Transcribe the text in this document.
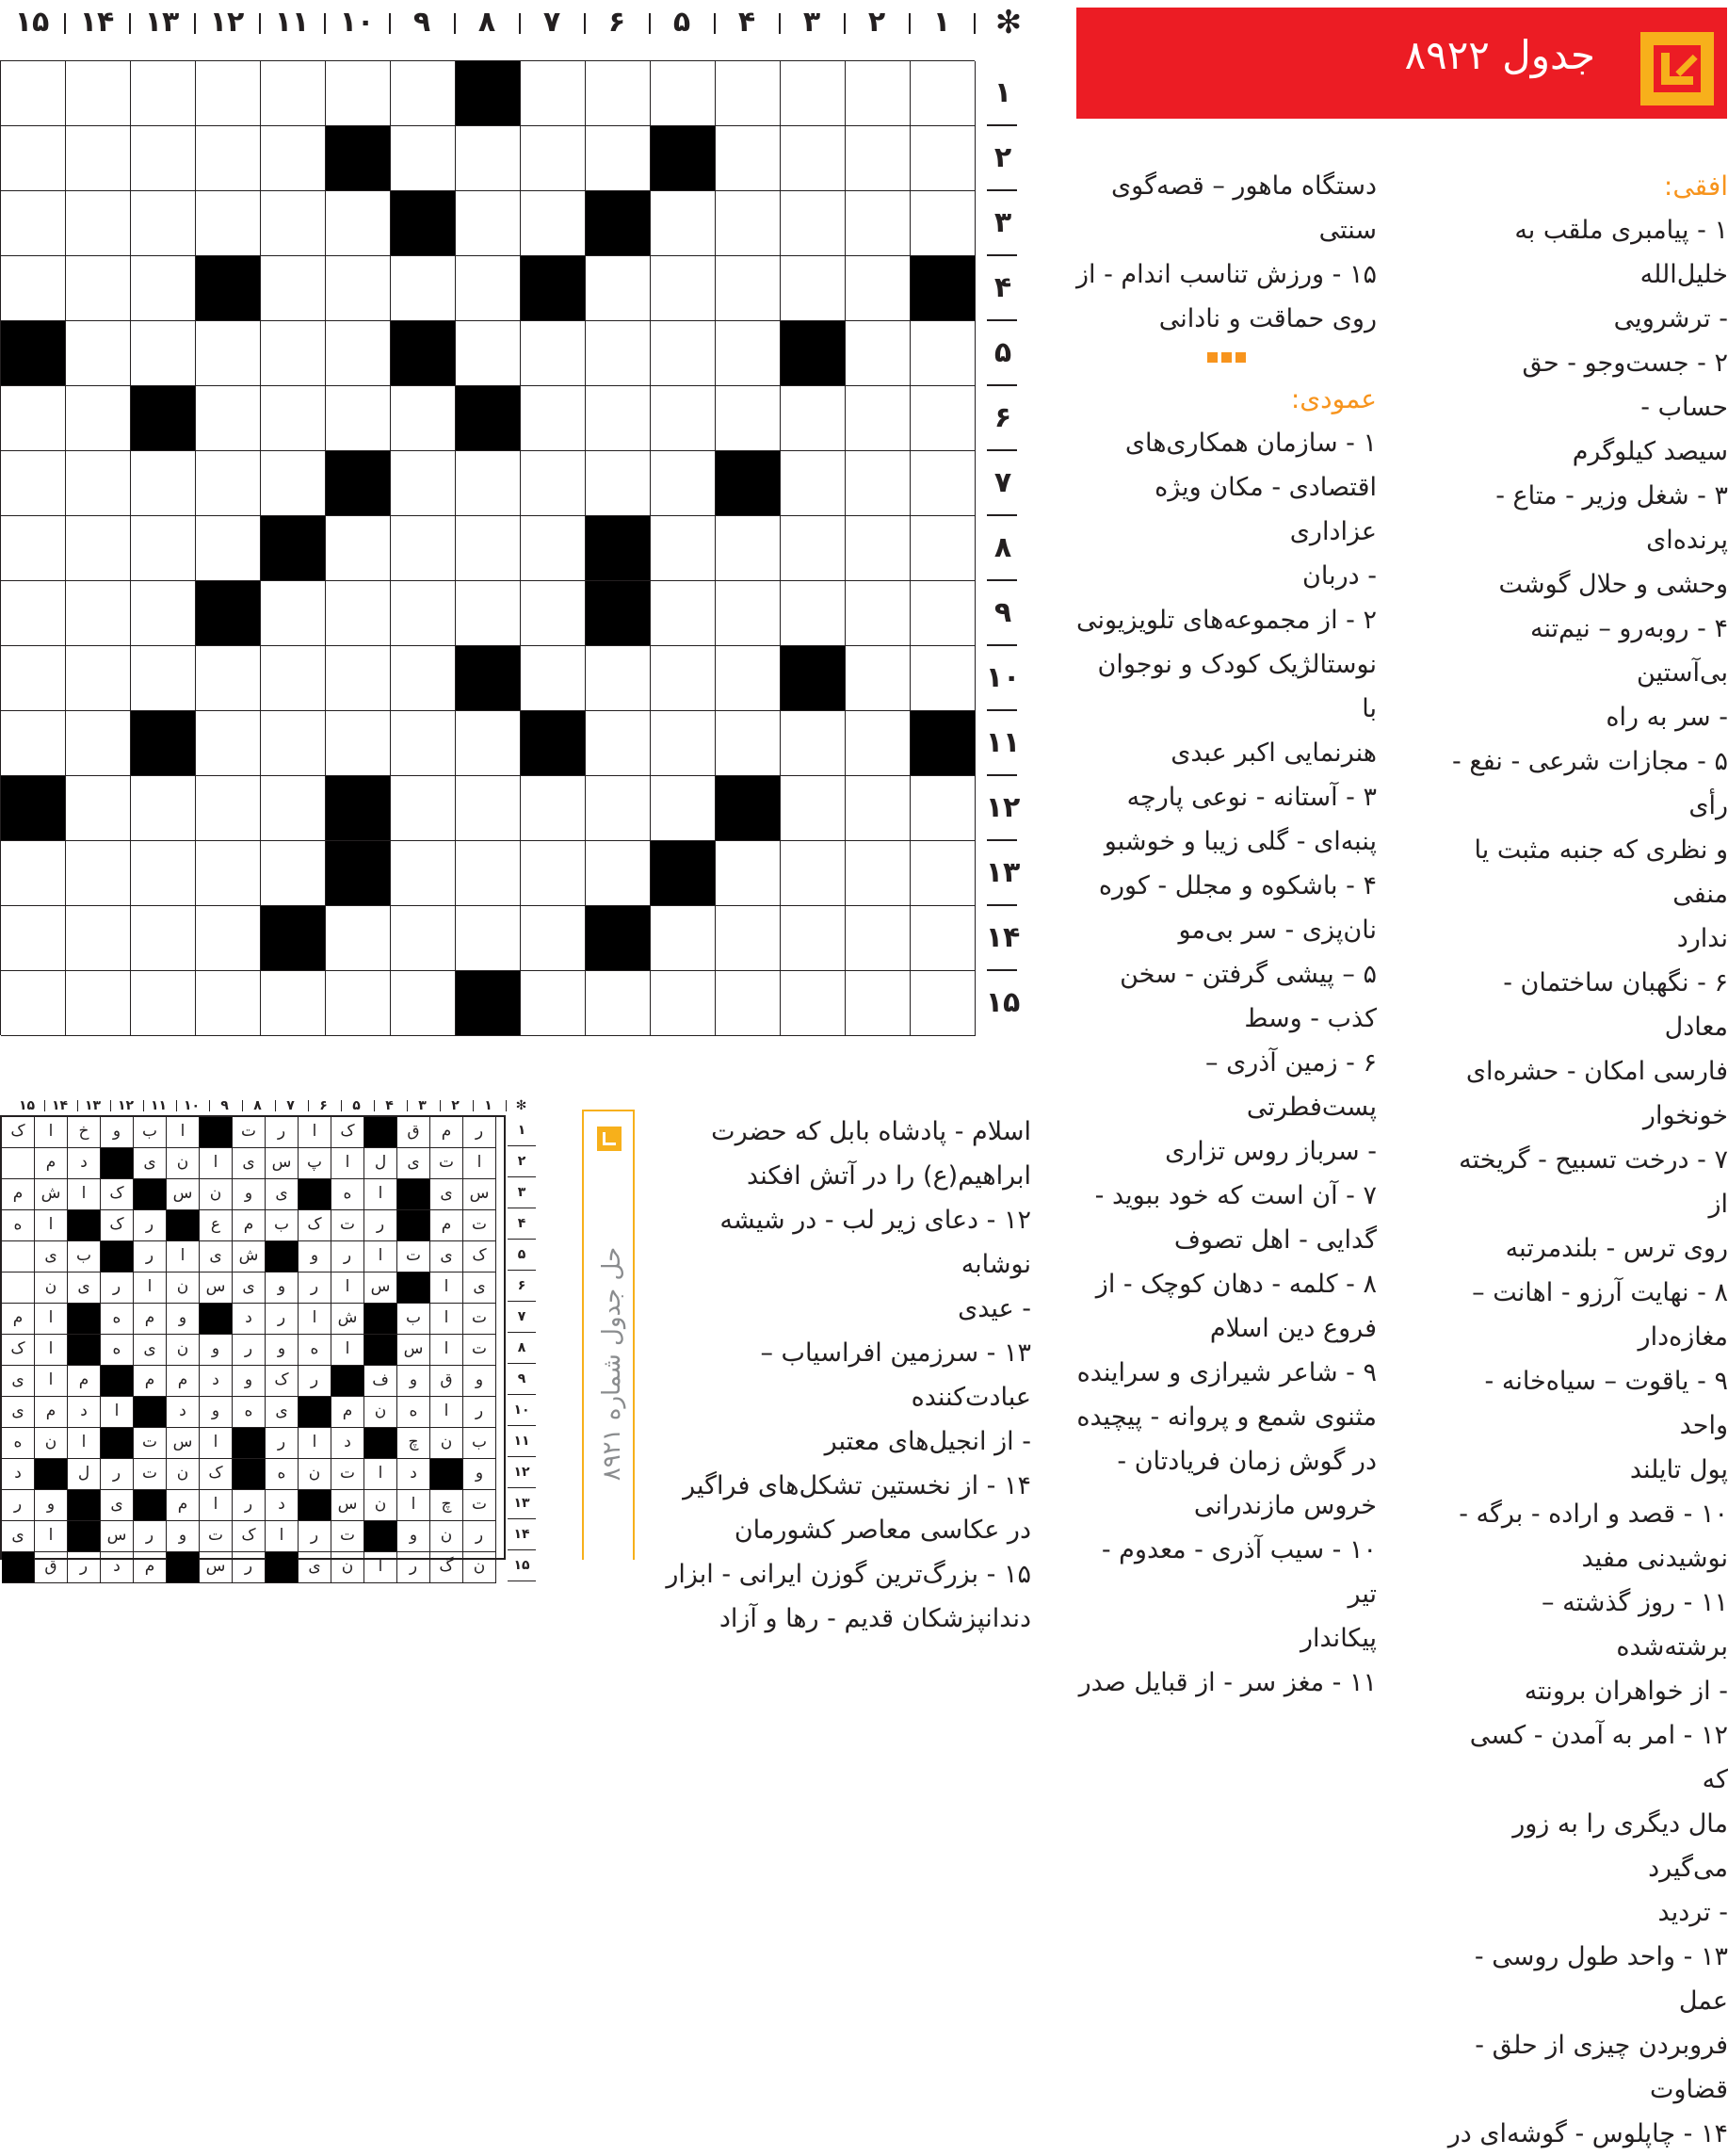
✻
۱
۲
۳
۴
۵
۶
۷
۸
۹
۱۰
۱۱
۱۲
۱۳
۱۴
۱۵
۱
۲
۳
۴
۵
۶
۷
۸
۹
۱۰
۱۱
۱۲
۱۳
۱۴
۱۵
جدول ۸۹۲۲

افقی:

۱ - پیامبری ملقب به خلیل‌الله

- ترشرویی

۲ - جست‌وجو - حق حساب -

سیصد کیلوگرم

۳ - شغل وزیر - متاع - پرنده‌ای

وحشی و حلال گوشت

۴ - روبه‌رو – نیم‌تنه بی‌آستین

- سر به راه

۵ - مجازات شرعی - نفع - رأی

و نظری که جنبه مثبت یا منفی

ندارد

۶ - نگهبان ساختمان - معادل

فارسی امکان - حشره‌ای

خونخوار

۷ - درخت تسبیح - گریخته از

روی ترس - بلندمرتبه

۸ - نهایت آرزو - اهانت –

مغازه‌دار

۹ - یاقوت – سیاه‌خانه - واحد

پول تایلند

۱۰ - قصد و اراده - برگه -

نوشیدنی مفید

۱۱ - روز گذشته – برشته‌شده

- از خواهران برونته

۱۲ - امر به آمدن - کسی که

مال دیگری را به زور می‌گیرد

- تردید

۱۳ - واحد طول روسی - عمل

فروبردن چیزی از حلق - قضاوت

۱۴ - چاپلوس - گوشه‌ای در

دستگاه ماهور – قصه‌گوی

سنتی

۱۵ - ورزش تناسب اندام - از

روی حماقت و نادانی

عمودی:

۱ - سازمان همکاری‌های

اقتصادی - مکان ویژه عزاداری

- دربان

۲ - از مجموعه‌های تلویزیونی

نوستالژیک کودک و نوجوان با

هنرنمایی اکبر عبدی

۳ - آستانه - نوعی پارچه

پنبه‌ای - گلی زیبا و خوشبو

۴ - باشکوه و مجلل - کوره

نان‌پزی - سر بی‌مو

۵ – پیشی گرفتن - سخن

کذب - وسط

۶ - زمین آذری – پست‌فطرتی

- سرباز روس تزاری

۷ - آن است که خود ببوید -

گدایی - اهل تصوف

۸ - کلمه - دهان کوچک - از

فروع دین اسلام

۹ - شاعر شیرازی و سراینده

مثنوی شمع و پروانه - پیچیده

در گوش زمان فریادتان -

خروس مازندرانی

۱۰ - سیب آذری - معدوم - تیر

پیکاندار

۱۱ - مغز سر - از قبایل صدر

اسلام - پادشاه بابل که حضرت

ابراهیم(ع) را در آتش افکند

۱۲ - دعای زیر لب - در شیشه نوشابه

- عیدی

۱۳ - سرزمین افراسیاب – عبادت‌کننده

- از انجیل‌های معتبر

۱۴ - از نخستین تشکل‌های فراگیر

در عکاسی معاصر کشورمان

۱۵ - بزرگ‌ترین گوزن ایرانی - ابزار

دندانپزشکان قدیم - رها و آزاد

حل جدول شماره ۸۹۲۱
✻
۱
۲
۳
۴
۵
۶
۷
۸
۹
۱۰
۱۱
۱۲
۱۳
۱۴
۱۵
ر
م
ق
ک
ا
ر
ت
ا
ب
و
خ
ا
ک
ا
ت
ی
ل
ا
پ
س
ی
ا
ن
ی
د
م
س
ی
ا
ه
ی
و
ن
س
ک
ا
ش
م
ت
م
ر
ت
ک
ب
م
ع
ر
ک
ا
ه
ک
ی
ت
ا
ر
و
ش
ی
ا
ر
ب
ی
ی
ا
س
ا
ر
و
ی
س
ن
ا
ر
ی
ن
ت
ا
ب
ش
ا
ر
د
و
م
ه
ا
م
ت
ا
س
ا
ه
و
ر
و
ن
ی
ه
ا
ک
و
ق
و
ف
ر
ک
و
د
م
م
م
ا
ی
ر
ا
ه
ن
م
ی
ه
و
د
ا
د
م
ی
ب
ن
چ
د
ا
ر
ا
س
ت
ا
ن
ه
و
د
ا
ت
ن
ه
ک
ن
ت
ر
ل
د
ت
چ
ا
ن
س
د
ر
ا
م
ی
و
ر
ر
ن
و
ت
ر
ا
ک
ت
و
ر
س
ا
ی
ن
گ
ر
ا
ن
ی
ر
س
م
د
ر
ق
۱
۲
۳
۴
۵
۶
۷
۸
۹
۱۰
۱۱
۱۲
۱۳
۱۴
۱۵
